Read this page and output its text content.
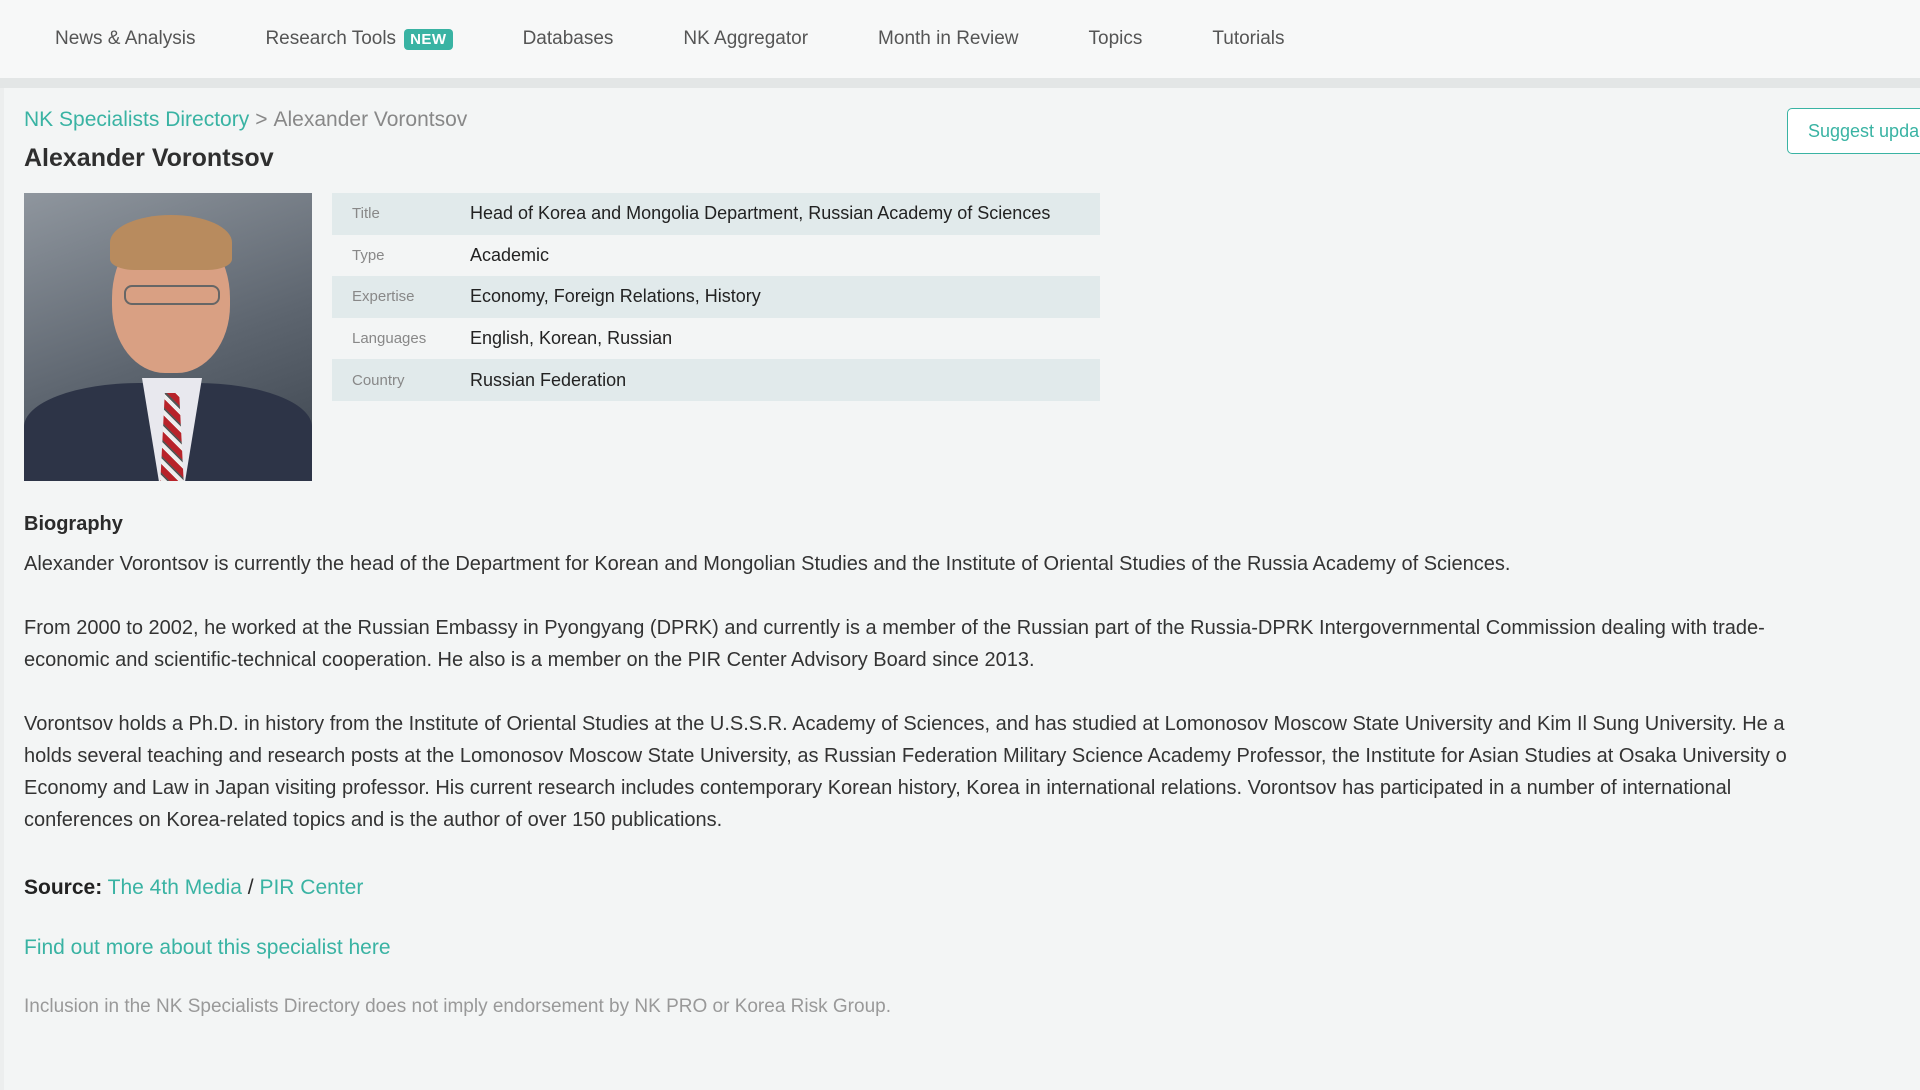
News & Analysis	Research Tools NEW	Databases	NK Aggregator	Month in Review	Topics	Tutorials
NK Specialists Directory > Alexander Vorontsov	Suggest upda
Alexander Vorontsov
Title	Head of Korea and Mongolia Department, Russian Academy of Sciences
Type	Academic
Expertise	Economy, Foreign Relations, History
Languages	English, Korean, Russian
Country	Russian Federation
Biography

Alexander Vorontsov is currently the head of the Department for Korean and Mongolian Studies and the Institute of Oriental Studies of the Russia Academy of Sciences.

From 2000 to 2002, he worked at the Russian Embassy in Pyongyang (DPRK) and currently is a member of the Russian part of the Russia-DPRK Intergovernmental Commission dealing with trade-
economic and scientific-technical cooperation. He also is a member on the PIR Center Advisory Board since 2013.

Vorontsov holds a Ph.D. in history from the Institute of Oriental Studies at the U.S.S.R. Academy of Sciences, and has studied at Lomonosov Moscow State University and Kim Il Sung University. He a
holds several teaching and research posts at the Lomonosov Moscow State University, as Russian Federation Military Science Academy Professor, the Institute for Asian Studies at Osaka University o
Economy and Law in Japan visiting professor. His current research includes contemporary Korean history, Korea in international relations. Vorontsov has participated in a number of international
conferences on Korea-related topics and is the author of over 150 publications.

Source: The 4th Media / PIR Center
Find out more about this specialist here
Inclusion in the NK Specialists Directory does not imply endorsement by NK PRO or Korea Risk Group.
